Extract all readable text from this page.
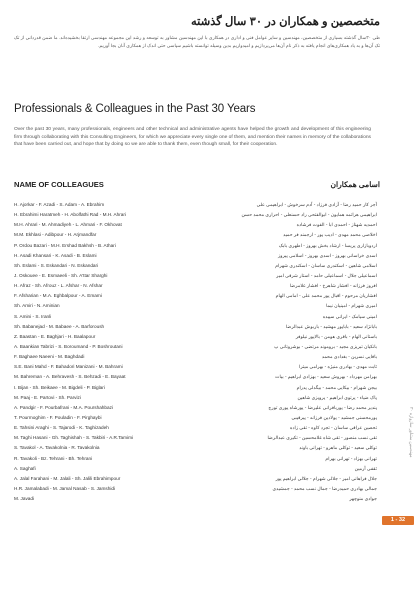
متخصصین و همکاران در ۳۰ سال گذشته
طی ۳۰سال گذشته بسیاری از متخصصین، مهندسین و سایر عوامل فنی و اداری در همکاری با این مهندسین مشاور به توسعه و رشد این مجموعه مهندسی ارتقا بخشیده‌اند. ما ضمن قدردانی از تک تک آن‌ها و به یاد همکاری‌های انجام یافته به ذکر نام آن‌ها می‌پردازیم و امیدواریم بدین وسیله توانسته باشیم سپاسی حتی اندک از همکاری آنان بجا آوریم.
Professionals & Colleagues in the Past 30 Years
Over the past 30 years, many professionals, engineers and other technical and administrative agents have helped the growth and development of this engineering firm through collaborating with this Consulting Engineers, for which we appreciate every single one of them, and mention their names in memory of the collaborations that have been carried out, and hope that by doing so we are able to thank them, even though small, for their cooperation.
NAME OF COLLEAGUES	اسامی همکاران
H. Ajorkar - F. Azadi - S. Adam - A. Ebrahim
H. Ebrahimi Haratmeh - H. Abolfathi Rad - M.H. Ahrari
M.H. Ahrari - M. Ahmadiyeh - L. Ahmari - F. Okhovat
M.M. Ekhlasi - Adibpour - H. Arjmandfar
P. Ordou Bazari - M.H. Ershad Bakhsh - B. Athari
H. Asadi Khansari - K. Asadi - B. Eslami
Sh. Eslami - S. Eskandari - N. Eskandari
J. Oskouee - E. Esmaeeli - Sh. A'ttar Sharghi
H. Afraz - Sh. Afrouz - L. Afshar - N. Afshar
F. Afsharian - M.A. Eghbalpour - A. Emami
Sh. Amiri - N. Aminian
S. Amini - S. Iranli
Sh. Babanejad - M. Babaee - A. Barforoush
Z. Baastan - E. Baghjari - H. Baalapour
A. Baankian Tabrizi - S. Boroumand - P. Boshroutani
F. Baghaee Naeeni - M. Baghdadi
S.E. Bani Mahd - F. Bahadori Manizani - M. Bahrami
M. Bahreman - A. Behravesh - S. Behzadi - E. Bayaat
I. Bijan - Sh. Beikaee - M. Bigdeli - P. Biglari
M. Paaj - E. Partovi - Sh. Parvizi
A. Pandgir - F. Pourbafrani - M.A. Pourshahbazi
T. Pourmoghim - F. Pouladin - F. Pirghaybi
E. Tahsini Araghi - S. Tajarodi - K. Taghizadeh
M. Taghi Hasani - Gh. Taghishah - S. Takbiri - A.R.Tamimi
S. Tavakol - A. Tavakolnia - R. Tavakolnia
R. Tavakoli - Bz. Tehrani - Bh. Tehrani
A. Saghafi
A. Jalal Farahani - M. Jalali - Sh. Jalili Ebrahimpour
H.R. Jamalabadi - M. Jamal Nasab - S. Jamshidi
M. Javadi
آجر کار حمید رضا - آزادی فرزاد - آدم سرخوش - ابراهیمی علی
ابراهیمی هراتمه همایون - ابوالفتحی راد حسنعلی - احراری محمد حسن
احمدیه شهناز - احمدی ابا - الفوت فرشاده
اخلاصی محمد مهدی - ادیب پور - ارجمند فر حمید
اردوبازاری پریسا - ارشاد بخش بهروز - اطهری بابک
اسدی خراسانی بهروز - اسدی بهروز - اسلامی پیروز
اسلامی شاهین - اسکندری ساسان - اسکندری شهرام
اسماعیلی جلال - اسماعیلی حامد - استار شرقی امیر
افروز فرزانه - افشار شاهرخ - افشار غلامرضا
افشاریان مرحوم - اقبال پور محمد علی - امامی الهام
امیری شهرام - امینیان نیما
امینی سیامک - ایرانی سپیده
بابانژاد سعید - باباپور مهشید - باربوش عبدالرضا
باستانی الهام - باقری هومن - بالاپور نیلوفر
بانکیان تبریزی مجید - بروموند مرتضی - بوشروتانی پ
بافایی نسرین - بغدادی محمد
ثابت مهدی - بهادری منیژه - بهرامی میترا
بهرامن مهرداد - بهروش سعید - بهزادی ابراهیم - بیات
بیجن شهرام - بیکایی محمد - بیگدلی پدرام
پاک ضیاء - پرتوی ابراهیم - پرویزی شاهین
پندیر محمد رضا - پوربافرانی علیرضا - پورشاه پوری تورج
پورمحسنی جمشید - پولادین فرزانه - پیرقیبی
تحصین عراقی ساسان - تجرد کاوه - تقی زاده
تقی نسب منصور - تقی شاه غلامحسین - تکیری عبدالرضا
توکلی سعید - توکلی ماهرو - تهرانی باوند
تهرانی بهزاد - تهرانی بهرام
ثقفی آرمین
جلال فراهانی امیر - جلالی شهرام - جلالی ابراهیم پور
جمالی بهادری حمیدرضا - جمال نسب محمد - جمشیدی
جوادی منوچهر
مهندسین مشاور سازوازه ۳۰
1 - 32
